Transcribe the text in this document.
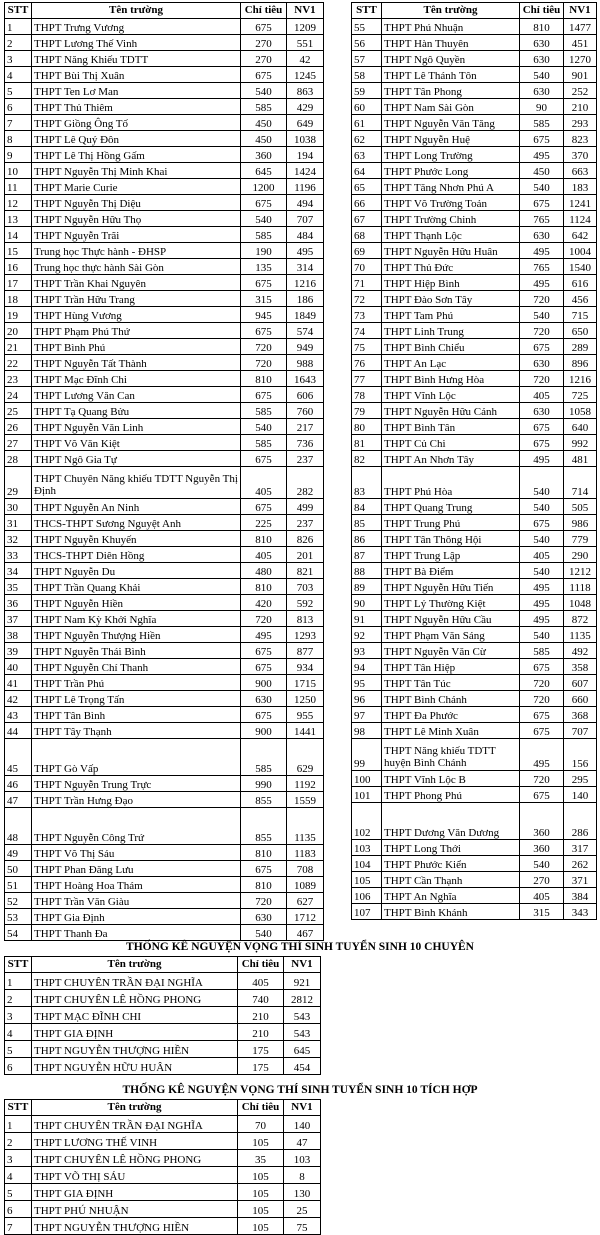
STT	Tên trường	Chỉ tiêu	NV1
1	THPT Trưng Vương	675	1209
2	THPT Lương Thế Vinh	270	551
3	THPT Năng Khiếu TDTT	270	42
4	THPT Bùi Thị Xuân	675	1245
5	THPT Ten Lơ Man	540	863
6	THPT Thủ Thiêm	585	429
7	THPT Giồng Ông Tố	450	649
8	THPT Lê Quý Đôn	450	1038
9	THPT Lê Thị Hồng Gấm	360	194
10	THPT Nguyễn Thị Minh Khai	645	1424
11	THPT Marie Curie	1200	1196
12	THPT Nguyễn Thị Diệu	675	494
13	THPT Nguyễn Hữu Thọ	540	707
14	THPT Nguyễn Trãi	585	484
15	Trung học Thực hành - ĐHSP	190	495
16	Trung học thực hành Sài Gòn	135	314
17	THPT Trần Khai Nguyên	675	1216
18	THPT Trần Hữu Trang	315	186
19	THPT Hùng Vương	945	1849
20	THPT Phạm Phú Thứ	675	574
21	THPT Bình Phú	720	949
22	THPT Nguyễn Tất Thành	720	988
23	THPT Mạc Đĩnh Chi	810	1643
24	THPT Lương Văn Can	675	606
25	THPT Tạ Quang Bửu	585	760
26	THPT Nguyễn Văn Linh	540	217
27	THPT Võ Văn Kiệt	585	736
28	THPT Ngô Gia Tự	675	237
29	THPT Chuyên Năng khiếu TDTT Nguyễn Thị Định	405	282
30	THPT Nguyễn An Ninh	675	499
31	THCS-THPT Sương Nguyệt Anh	225	237
32	THPT Nguyễn Khuyến	810	826
33	THCS-THPT Diên Hồng	405	201
34	THPT Nguyễn Du	480	821
35	THPT Trần Quang Khải	810	703
36	THPT Nguyễn Hiền	420	592
37	THPT Nam Kỳ Khởi Nghĩa	720	813
38	THPT Nguyễn Thượng Hiền	495	1293
39	THPT Nguyễn Thái Bình	675	877
40	THPT Nguyễn Chí Thanh	675	934
41	THPT Trần Phú	900	1715
42	THPT Lê Trọng Tấn	630	1250
43	THPT Tân Bình	675	955
44	THPT Tây Thạnh	900	1441
45	THPT Gò Vấp	585	629
46	THPT Nguyễn Trung Trực	990	1192
47	THPT Trần Hưng Đạo	855	1559
48	THPT Nguyễn Công Trứ	855	1135
49	THPT Võ Thị Sáu	810	1183
50	THPT Phan Đăng Lưu	675	708
51	THPT Hoàng Hoa Thám	810	1089
52	THPT Trần Văn Giàu	720	627
53	THPT Gia Định	630	1712
54	THPT Thanh Đa	540	467
STT	Tên trường	Chỉ tiêu	NV1
55	THPT Phú Nhuận	810	1477
56	THPT Hàn Thuyên	630	451
57	THPT Ngô Quyền	630	1270
58	THPT Lê Thánh Tôn	540	901
59	THPT Tân Phong	630	252
60	THPT Nam Sài Gòn	90	210
61	THPT Nguyễn Văn Tăng	585	293
62	THPT Nguyễn Huệ	675	823
63	THPT Long Trường	495	370
64	THPT Phước Long	450	663
65	THPT Tăng Nhơn Phú A	540	183
66	THPT Võ Trường Toản	675	1241
67	THPT Trường Chinh	765	1124
68	THPT Thạnh Lộc	630	642
69	THPT Nguyễn Hữu Huân	495	1004
70	THPT Thủ Đức	765	1540
71	THPT Hiệp Bình	495	616
72	THPT Đào Sơn Tây	720	456
73	THPT Tam Phú	540	715
74	THPT Linh Trung	720	650
75	THPT Bình Chiểu	675	289
76	THPT An Lạc	630	896
77	THPT Bình Hưng Hòa	720	1216
78	THPT Vĩnh Lộc	405	725
79	THPT Nguyễn Hữu Cảnh	630	1058
80	THPT Bình Tân	675	640
81	THPT Củ Chi	675	992
82	THPT An Nhơn Tây	495	481
83	THPT Phú Hòa	540	714
84	THPT Quang Trung	540	505
85	THPT Trung Phú	675	986
86	THPT Tân Thông Hội	540	779
87	THPT Trung Lập	405	290
88	THPT Bà Điểm	540	1212
89	THPT Nguyễn Hữu Tiến	495	1118
90	THPT Lý Thường Kiệt	495	1048
91	THPT Nguyễn Hữu Cầu	495	872
92	THPT Phạm Văn Sáng	540	1135
93	THPT Nguyễn Văn Cừ	585	492
94	THPT Tân Hiệp	675	358
95	THPT Tân Túc	720	607
96	THPT Bình Chánh	720	660
97	THPT Đa Phước	675	368
98	THPT Lê Minh Xuân	675	707
99	THPT Năng khiếu TDTT huyện Bình Chánh	495	156
100	THPT Vĩnh Lộc B	720	295
101	THPT Phong Phú	675	140
102	THPT Dương Văn Dương	360	286
103	THPT Long Thới	360	317
104	THPT Phước Kiển	540	262
105	THPT Cần Thạnh	270	371
106	THPT An Nghĩa	405	384
107	THPT Bình Khánh	315	343
THỐNG KÊ NGUYỆN VỌNG THÍ SINH TUYỂN SINH 10 CHUYÊN
STT	Tên trường	Chỉ tiêu	NV1
1	THPT CHUYÊN TRẦN ĐẠI NGHĨA	405	921
2	THPT CHUYÊN LÊ HỒNG PHONG	740	2812
3	THPT MẠC ĐĨNH CHI	210	543
4	THPT GIA ĐỊNH	210	543
5	THPT NGUYỄN THƯỢNG HIỀN	175	645
6	THPT NGUYỄN HỮU HUÂN	175	454
THỐNG KÊ NGUYỆN VỌNG THÍ SINH TUYỂN SINH 10 TÍCH HỢP
STT	Tên trường	Chỉ tiêu	NV1
1	THPT CHUYÊN TRẦN ĐẠI NGHĨA	70	140
2	THPT LƯƠNG THẾ VINH	105	47
3	THPT CHUYÊN LÊ HỒNG PHONG	35	103
4	THPT VÕ THỊ SÁU	105	8
5	THPT GIA ĐỊNH	105	130
6	THPT PHÚ NHUẬN	105	25
7	THPT NGUYỄN THƯỢNG HIỀN	105	75
